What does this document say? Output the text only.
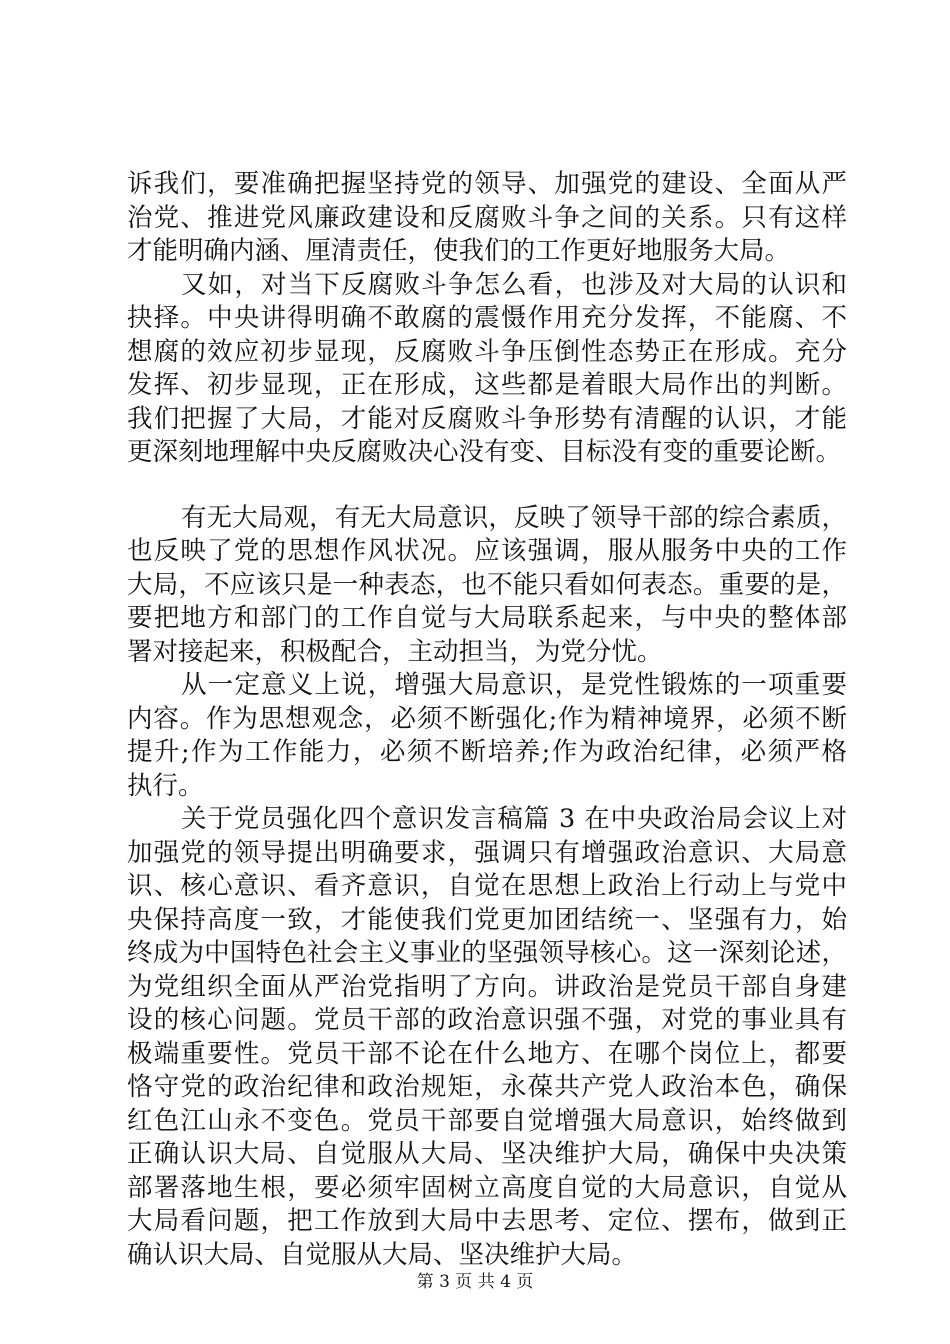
诉我们，要准确把握坚持党的领导、加强党的建设、全面从严
治党、推进党风廉政建设和反腐败斗争之间的关系。只有这样
才能明确内涵、厘清责任，使我们的工作更好地服务大局。
又如，对当下反腐败斗争怎么看，也涉及对大局的认识和
抉择。中央讲得明确不敢腐的震慑作用充分发挥，不能腐、不
想腐的效应初步显现，反腐败斗争压倒性态势正在形成。充分
发挥、初步显现，正在形成，这些都是着眼大局作出的判断。
我们把握了大局，才能对反腐败斗争形势有清醒的认识，才能
更深刻地理解中央反腐败决心没有变、目标没有变的重要论断。
有无大局观，有无大局意识，反映了领导干部的综合素质，
也反映了党的思想作风状况。应该强调，服从服务中央的工作
大局，不应该只是一种表态，也不能只看如何表态。重要的是，
要把地方和部门的工作自觉与大局联系起来，与中央的整体部
署对接起来，积极配合，主动担当，为党分忧。
从一定意义上说，增强大局意识，是党性锻炼的一项重要
内容。作为思想观念，必须不断强化;作为精神境界，必须不断
提升;作为工作能力，必须不断培养;作为政治纪律，必须严格
执行。
关于党员强化四个意识发言稿篇 3 在中央政治局会议上对
加强党的领导提出明确要求，强调只有增强政治意识、大局意
识、核心意识、看齐意识，自觉在思想上政治上行动上与党中
央保持高度一致，才能使我们党更加团结统一、坚强有力，始
终成为中国特色社会主义事业的坚强领导核心。这一深刻论述，
为党组织全面从严治党指明了方向。讲政治是党员干部自身建
设的核心问题。党员干部的政治意识强不强，对党的事业具有
极端重要性。党员干部不论在什么地方、在哪个岗位上，都要
恪守党的政治纪律和政治规矩，永葆共产党人政治本色，确保
红色江山永不变色。党员干部要自觉增强大局意识，始终做到
正确认识大局、自觉服从大局、坚决维护大局，确保中央决策
部署落地生根，要必须牢固树立高度自觉的大局意识，自觉从
大局看问题，把工作放到大局中去思考、定位、摆布，做到正
确认识大局、自觉服从大局、坚决维护大局。
第 3 页 共 4 页
